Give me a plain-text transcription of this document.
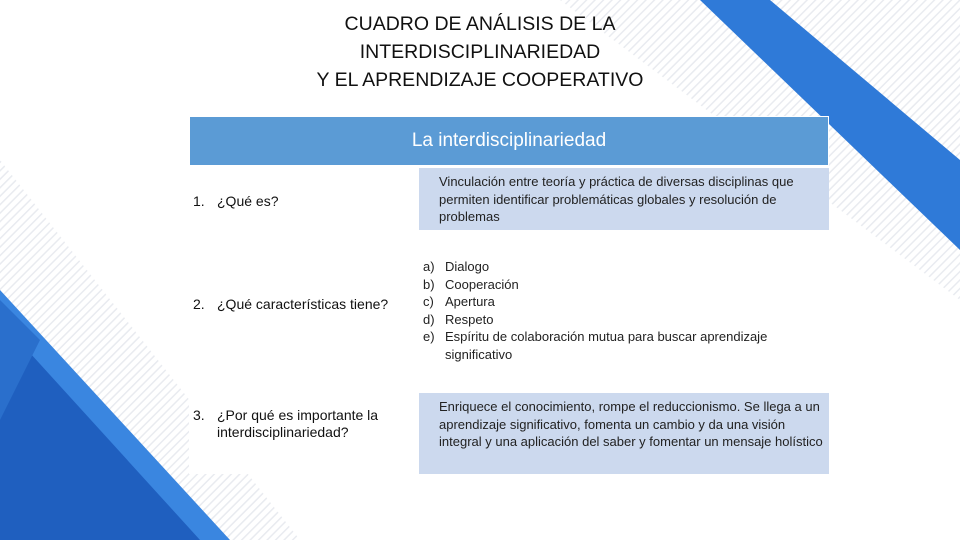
CUADRO DE ANÁLISIS DE LA
INTERDISCIPLINARIEDAD
Y EL APRENDIZAJE COOPERATIVO
La interdisciplinariedad
1. ¿Qué es?
Vinculación entre teoría y práctica de diversas disciplinas que permiten identificar problemáticas globales y resolución de problemas
2. ¿Qué características tiene?
a) Dialogo
b) Cooperación
c) Apertura
d) Respeto
e) Espíritu de colaboración mutua para buscar aprendizaje significativo
3. ¿Por qué es importante la interdisciplinariedad?
Enriquece el conocimiento, rompe el reduccionismo. Se llega a un aprendizaje significativo, fomenta un cambio y da una visión integral y una aplicación del saber y fomentar un mensaje holístico
